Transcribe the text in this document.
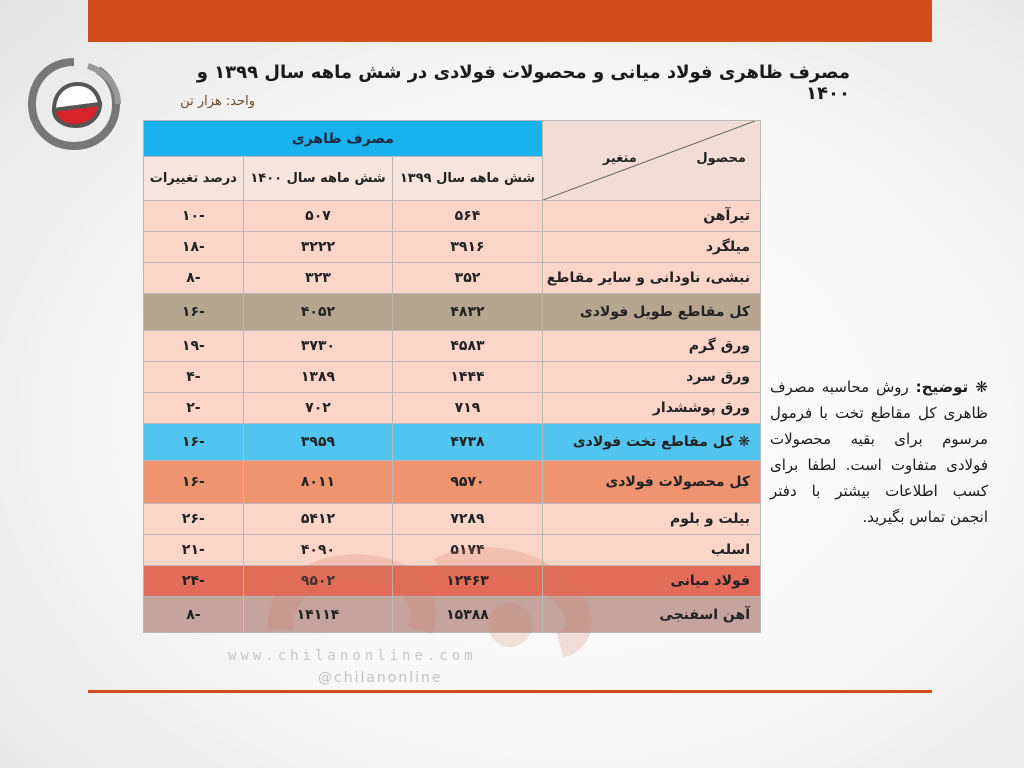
مصرف ظاهری فولاد میانی و محصولات فولادی در شش ماهه سال ۱۳۹۹ و ۱۴۰۰
واحد: هزار تن
محصول
متغیر	مصرف ظاهری		
	شش ماهه سال ۱۳۹۹	شش ماهه سال ۱۴۰۰	درصد تغییرات
تیرآهن	۵۶۴	۵۰۷	-۱۰
میلگرد	۳۹۱۶	۳۲۲۲	-۱۸
نبشی، ناودانی و سایر مقاطع	۳۵۲	۳۲۳	-۸
کل مقاطع طویل فولادی	۴۸۳۲	۴۰۵۲	-۱۶
ورق گرم	۴۵۸۳	۳۷۳۰	-۱۹
ورق سرد	۱۴۴۴	۱۳۸۹	-۴
ورق پوششدار	۷۱۹	۷۰۲	-۲
❋ کل مقاطع تخت فولادی	۴۷۳۸	۳۹۵۹	-۱۶
کل محصولات فولادی	۹۵۷۰	۸۰۱۱	-۱۶
بیلت و بلوم	۷۲۸۹	۵۴۱۲	-۲۶
اسلب	۵۱۷۴	۴۰۹۰	-۲۱
فولاد میانی	۱۲۴۶۳	۹۵۰۲	-۲۴
آهن اسفنجی	۱۵۳۸۸	۱۴۱۱۴	-۸
❋ توضیح: روش محاسبه مصرف ظاهری کل مقاطع تخت با فرمول مرسوم برای بقیه محصولات فولادی متفاوت است. لطفا برای کسب اطلاعات بیشتر با دفتر انجمن تماس بگیرید.
www.chilanonline.com
@chilanonline
